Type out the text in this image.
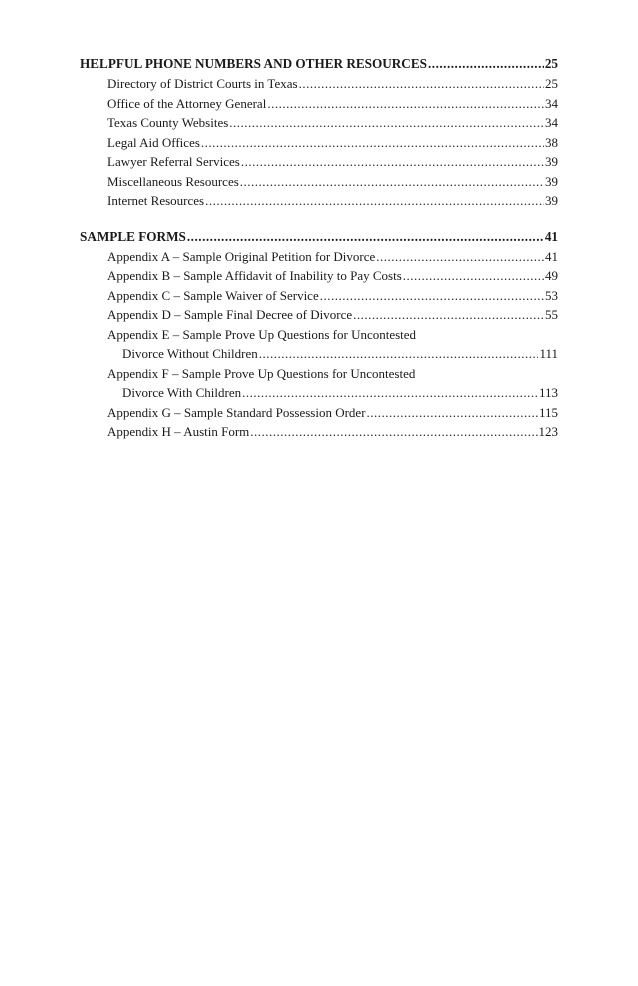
HELPFUL PHONE NUMBERS AND OTHER RESOURCES .....	25
Directory of District Courts in Texas .....	25
Office of the Attorney General .....	34
Texas County Websites .....	34
Legal Aid Offices .....	38
Lawyer Referral Services .....	39
Miscellaneous Resources .....	39
Internet Resources .....	39
SAMPLE FORMS .....	41
Appendix A – Sample Original Petition for Divorce .....	41
Appendix B – Sample Affidavit of Inability to Pay Costs .....	49
Appendix C – Sample Waiver of Service .....	53
Appendix D – Sample Final Decree of Divorce .....	55
Appendix E – Sample Prove Up Questions for Uncontested
Divorce Without Children .....	111
Appendix F – Sample Prove Up Questions for Uncontested
Divorce With Children .....	113
Appendix G – Sample Standard Possession Order .....	115
Appendix H – Austin Form .....	123
